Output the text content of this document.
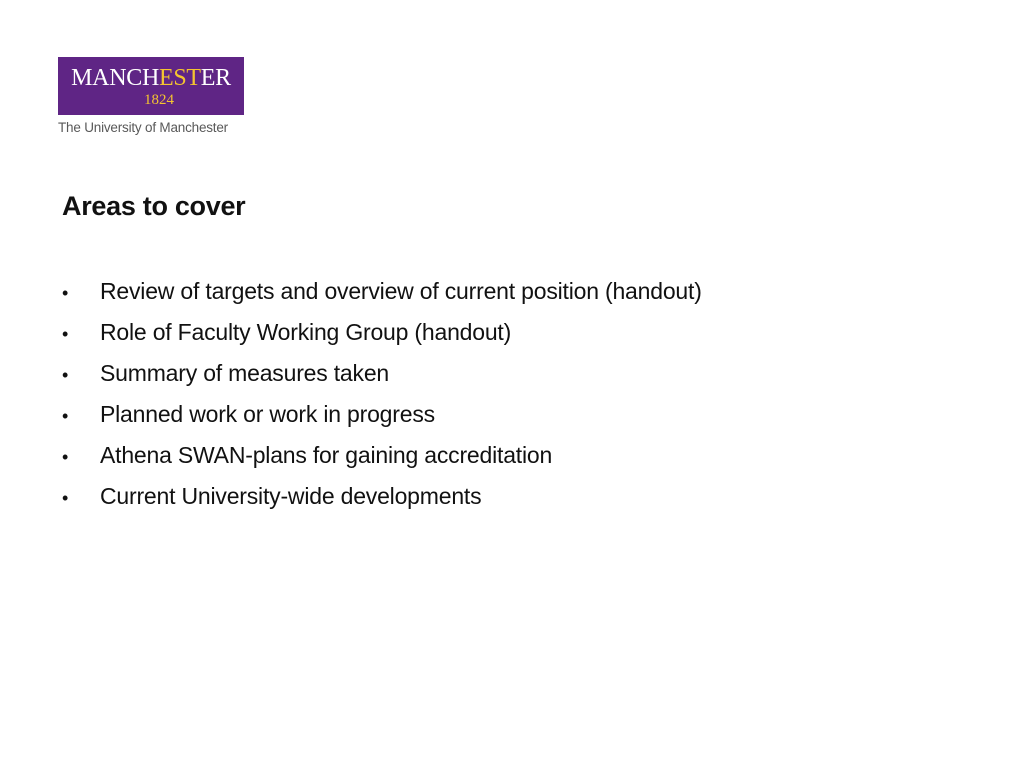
MANCHESTER
1824
The University of Manchester
Areas to cover
•	Review of targets and overview of current position (handout)
•	Role of Faculty Working Group (handout)
•	Summary of measures taken
•	Planned work or work in progress
•	Athena SWAN-plans for gaining accreditation
•	Current University-wide developments
